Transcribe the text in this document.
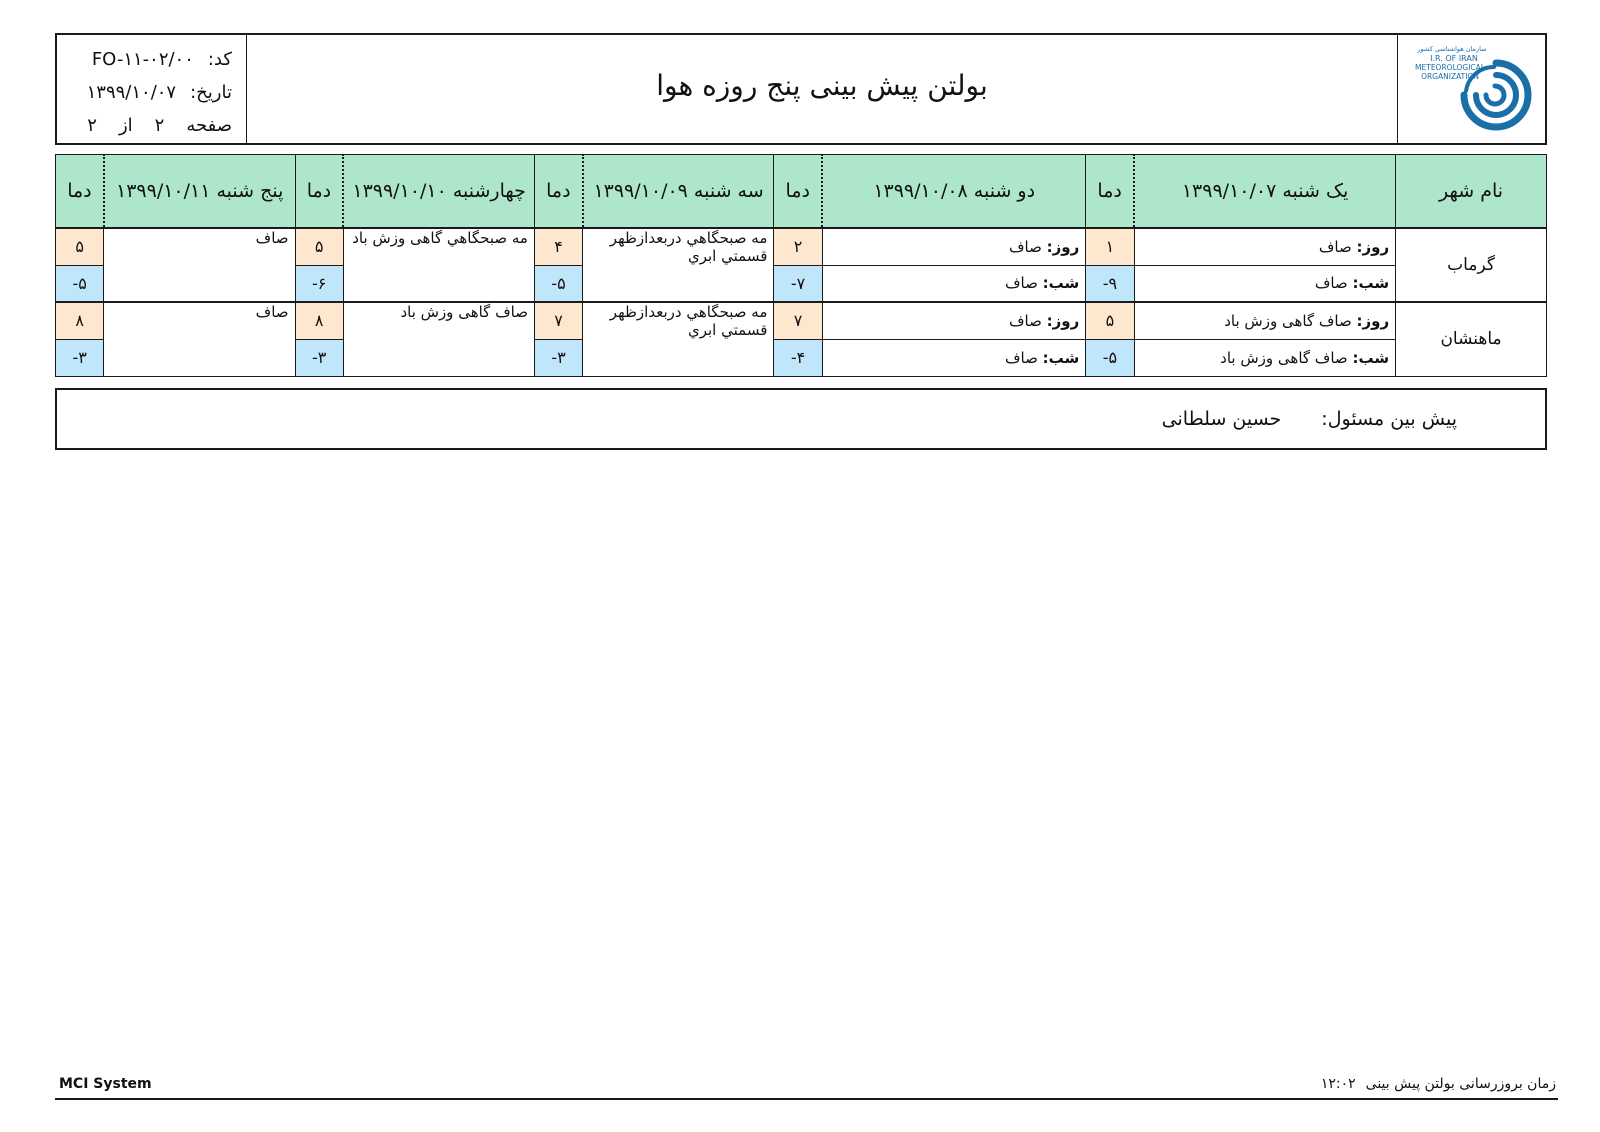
کد:
FO-۱۱-۰۲/۰۰
تاریخ:
۱۳۹۹/۱۰/۰۷
صفحه
۲
از
۲
بولتن پیش بینی پنج روزه هوا
سازمان هواشناسی کشور
I.R. OF IRAN
METEOROLOGICAL
ORGANIZATION
نام شهر	یک شنبه ۱۳۹۹/۱۰/۰۷	دما	دو شنبه ۱۳۹۹/۱۰/۰۸	دما	سه شنبه ۱۳۹۹/۱۰/۰۹	دما	چهارشنبه ۱۳۹۹/۱۰/۱۰	دما	پنج شنبه ۱۳۹۹/۱۰/۱۱	دما
گرماب	روز: صاف	۱	روز: صاف	۲	مه صبحگاهي دربعدازظهر قسمتي ابري	۴	مه صبحگاهي گاهی وزش باد	۵	صاف	۵
	شب: صاف	-۹	شب: صاف	-۷		-۵		-۶		-۵
ماهنشان	روز: صاف گاهی وزش باد	۵	روز: صاف	۷	مه صبحگاهي دربعدازظهر قسمتي ابري	۷	صاف گاهی وزش باد	۸	صاف	۸
	شب: صاف گاهی وزش باد	-۵	شب: صاف	-۴		-۳		-۳		-۳
پیش بین مسئول:
حسین سلطانی
MCI System	زمان بروزرسانی بولتن پیش بینی
۱۲:۰۲
